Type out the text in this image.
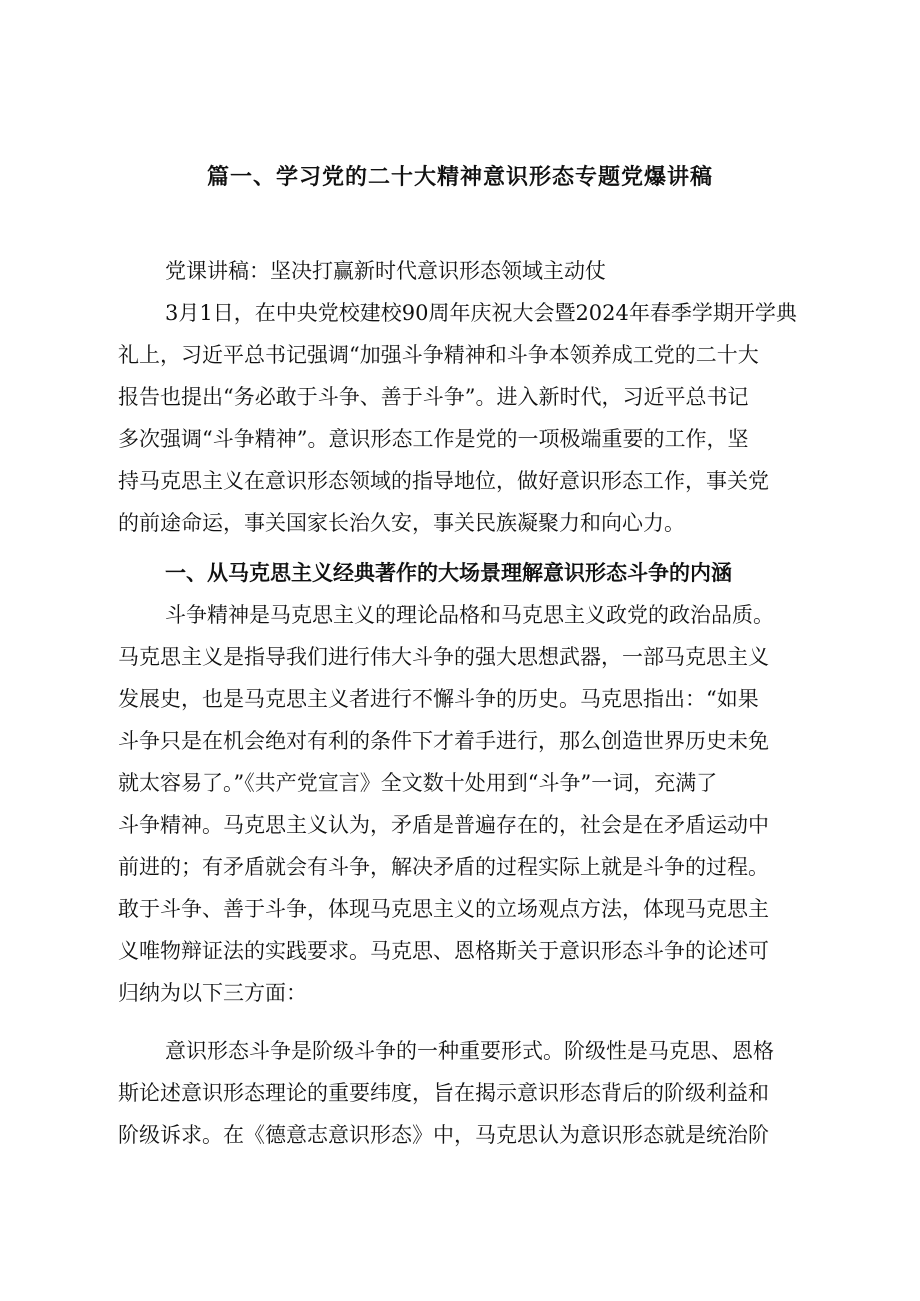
篇一、学习党的二十大精神意识形态专题党爆讲稿
党课讲稿：坚决打赢新时代意识形态领域主动仗
3月1日，在中央党校建校90周年庆祝大会暨2024年春季学期开学典
礼上，习近平总书记强调“加强斗争精神和斗争本领养成工党的二十大
报告也提出“务必敢于斗争、善于斗争”。进入新时代，习近平总书记
多次强调“斗争精神”。意识形态工作是党的一项极端重要的工作，坚
持马克思主义在意识形态领域的指导地位，做好意识形态工作，事关党
的前途命运，事关国家长治久安，事关民族凝聚力和向心力。
一、从马克思主义经典著作的大场景理解意识形态斗争的内涵
斗争精神是马克思主义的理论品格和马克思主义政党的政治品质。
马克思主义是指导我们进行伟大斗争的强大思想武器，一部马克思主义
发展史，也是马克思主义者进行不懈斗争的历史。马克思指出：“如果
斗争只是在机会绝对有利的条件下才着手进行，那么创造世界历史未免
就太容易了。”《共产党宣言》全文数十处用到“斗争”一词，充满了
斗争精神。马克思主义认为，矛盾是普遍存在的，社会是在矛盾运动中
前进的；有矛盾就会有斗争，解决矛盾的过程实际上就是斗争的过程。
敢于斗争、善于斗争，体现马克思主义的立场观点方法，体现马克思主
义唯物辩证法的实践要求。马克思、恩格斯关于意识形态斗争的论述可
归纳为以下三方面：
意识形态斗争是阶级斗争的一种重要形式。阶级性是马克思、恩格
斯论述意识形态理论的重要纬度，旨在揭示意识形态背后的阶级利益和
阶级诉求。在《德意志意识形态》中，马克思认为意识形态就是统治阶
